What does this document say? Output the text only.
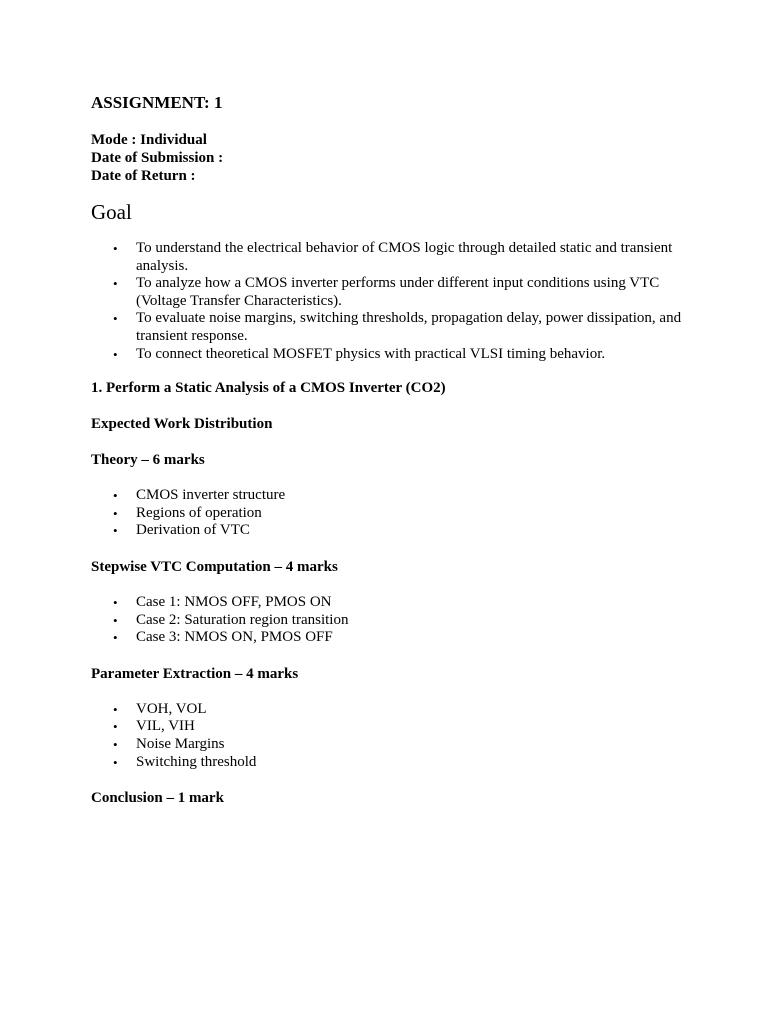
ASSIGNMENT: 1
Mode : Individual
Date of Submission :
Date of Return :
Goal
• To understand the electrical behavior of CMOS logic through detailed static and transient analysis.
• To analyze how a CMOS inverter performs under different input conditions using VTC (Voltage Transfer Characteristics).
• To evaluate noise margins, switching thresholds, propagation delay, power dissipation, and transient response.
• To connect theoretical MOSFET physics with practical VLSI timing behavior.
1. Perform a Static Analysis of a CMOS Inverter (CO2)
Expected Work Distribution
Theory – 6 marks
• CMOS inverter structure
• Regions of operation
• Derivation of VTC
Stepwise VTC Computation – 4 marks
• Case 1: NMOS OFF, PMOS ON
• Case 2: Saturation region transition
• Case 3: NMOS ON, PMOS OFF
Parameter Extraction – 4 marks
• VOH, VOL
• VIL, VIH
• Noise Margins
• Switching threshold
Conclusion – 1 mark
